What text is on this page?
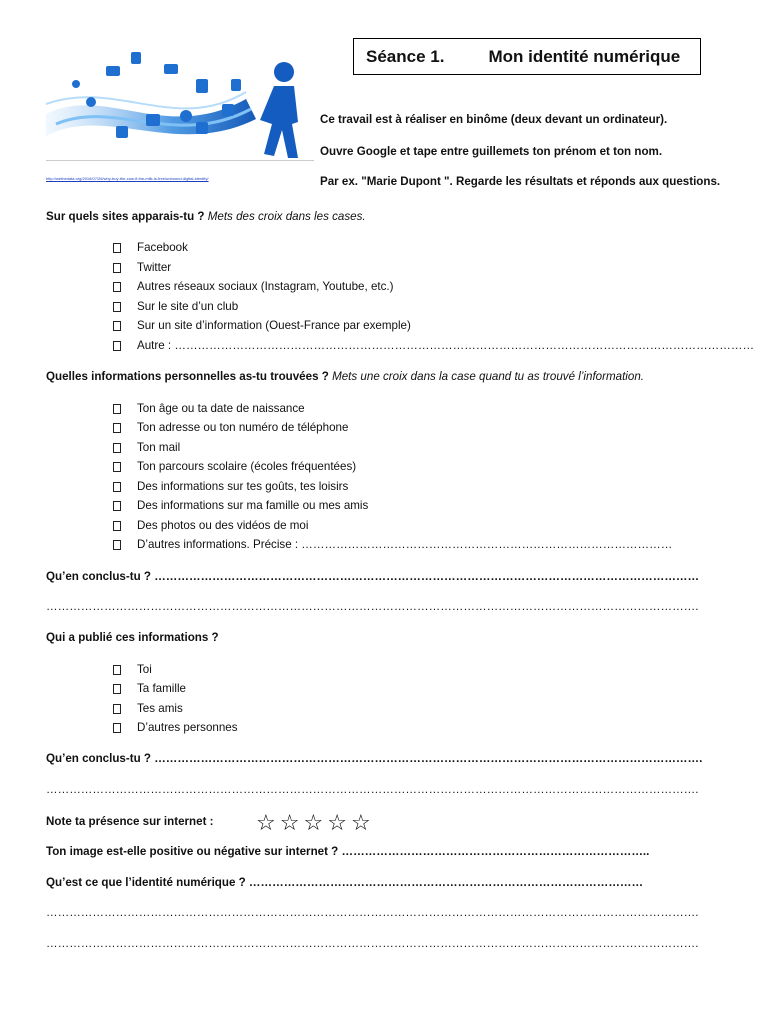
http://wethedata.org/2016/07/26/why-buy-the-cow-if-the-milk-is-free/unbound-digital-identity/
Séance 1.	Mon identité numérique
Ce travail est à réaliser en binôme (deux devant un ordinateur).
Ouvre Google et tape entre guillemets ton prénom et ton nom.
Par ex. "Marie Dupont ". Regarde les résultats et réponds aux questions.
Sur quels sites apparais-tu ? Mets des croix dans les cases.
Facebook
Twitter
Autres réseaux sociaux (Instagram, Youtube, etc.)
Sur le site d’un club
Sur un site d’information (Ouest-France par exemple)
Autre : ……………………………………………………………………………………………………………………………………
Quelles informations personnelles as-tu trouvées ? Mets une croix dans la case quand tu as trouvé l’information.
Ton âge ou ta date de naissance
Ton adresse ou ton numéro de téléphone
Ton mail
Ton parcours scolaire (écoles fréquentées)
Des informations sur tes goûts, tes loisirs
Des informations sur ma famille ou mes amis
Des photos ou des vidéos de moi
D’autres informations. Précise : ……………………………………………………………………………………
Qu’en conclus-tu ? ……………………………………………………………………………………………………………………………
…………………………………………………………………………………………………………………………………………………….
Qui a publié ces informations ?
Toi
Ta famille
Tes amis
D’autres personnes
Qu’en conclus-tu ? …………………………………………………………………………………………………………………………….
…………………………………………………………………………………………………………………………………………………….
Note ta présence sur internet : ☆ ☆ ☆ ☆ ☆
Ton image est-elle positive ou négative sur internet ? ……………………………………………………………………..
Qu’est ce que l’identité numérique ? …………………………………………………………………………………………
…………………………………………………………………………………………………………………………………………………….
…………………………………………………………………………………………………………………………………………………….
